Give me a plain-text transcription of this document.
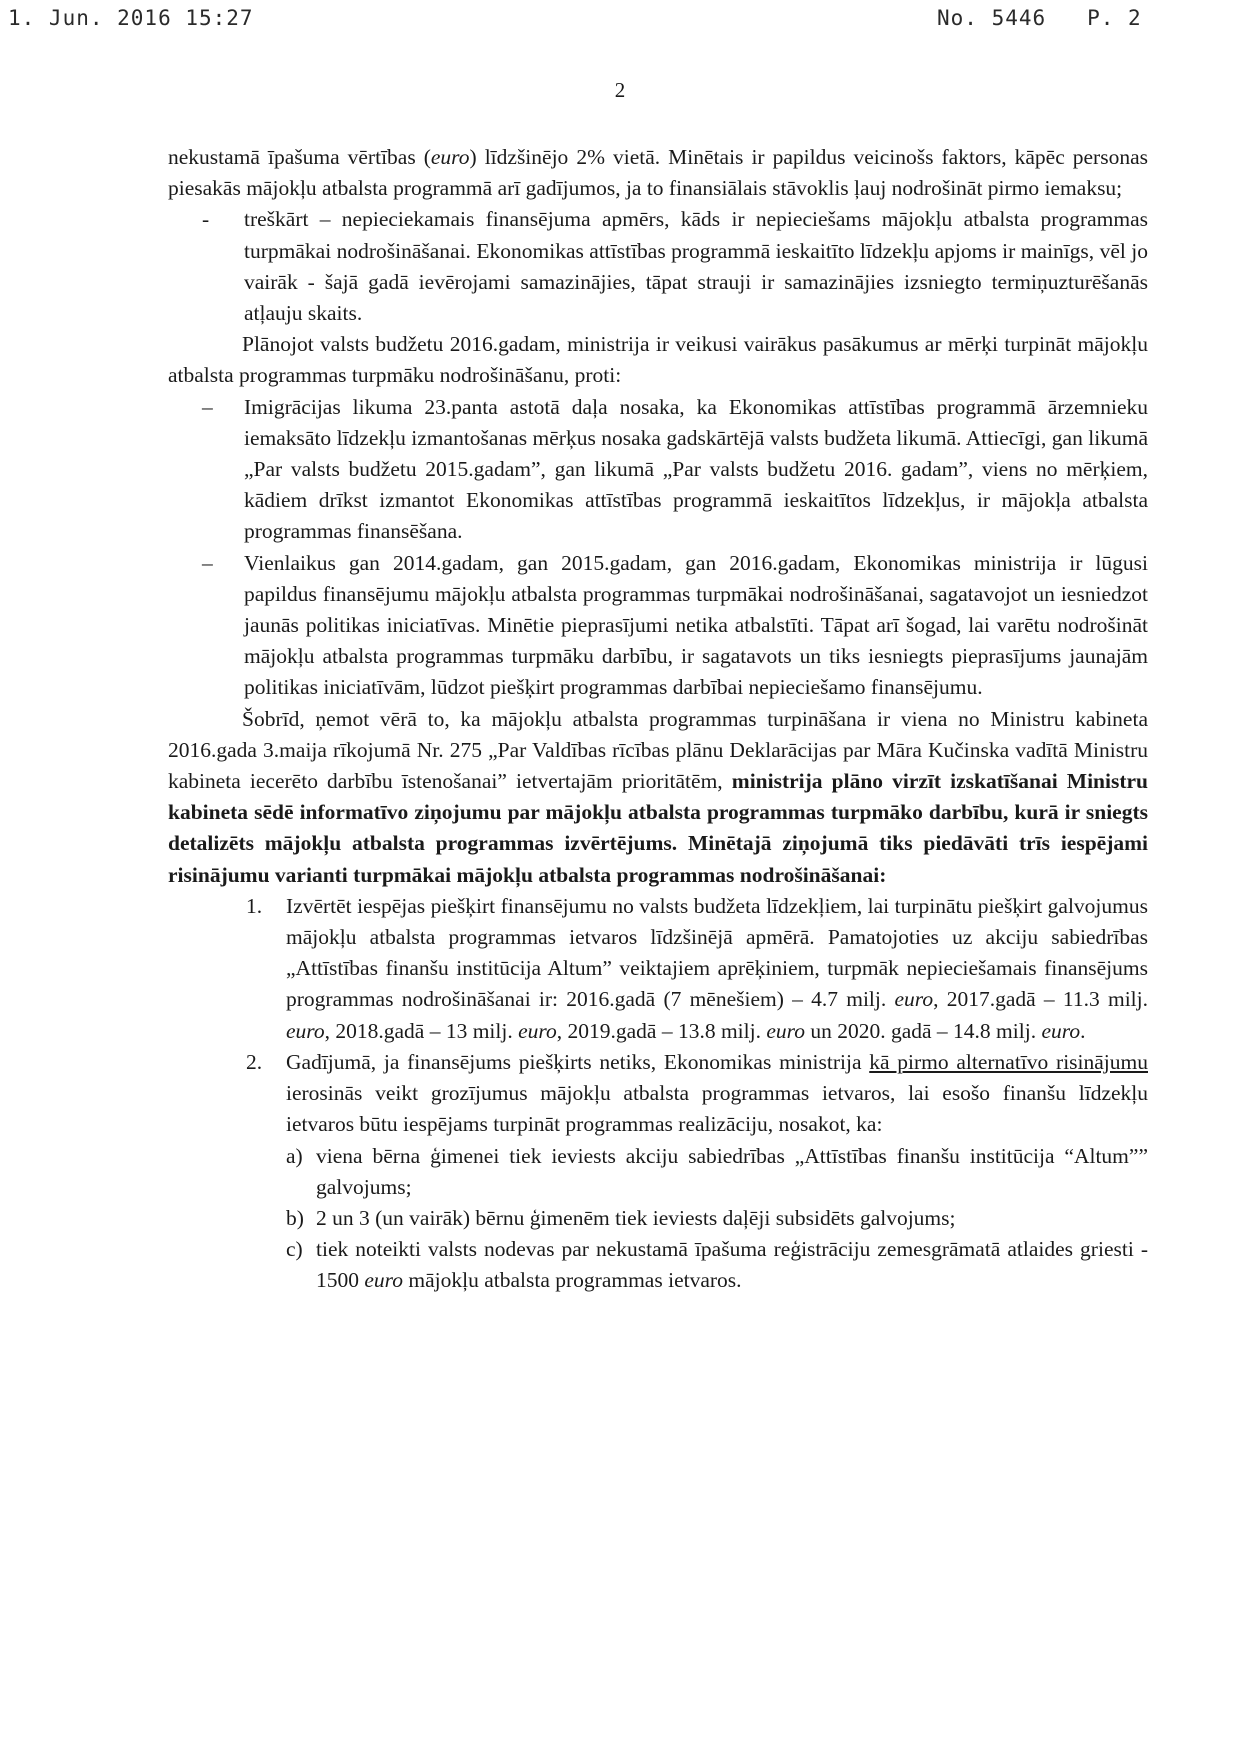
1. Jun. 2016 15:27	No. 5446 P. 2
2

nekustamā īpašuma vērtības (euro) līdzšinējo 2% vietā. Minētais ir papildus veicinošs faktors, kāpēc personas piesakās mājokļu atbalsta programmā arī gadījumos, ja to finansiālais stāvoklis ļauj nodrošināt pirmo iemaksu;

- treškārt – nepieciekamais finansējuma apmērs, kāds ir nepieciešams mājokļu atbalsta programmas turpmākai nodrošināšanai. Ekonomikas attīstības programmā ieskaitīto līdzekļu apjoms ir mainīgs, vēl jo vairāk - šajā gadā ievērojami samazinājies, tāpat strauji ir samazinājies izsniegto termiņuzturēšanās atļauju skaits.

Plānojot valsts budžetu 2016.gadam, ministrija ir veikusi vairākus pasākumus ar mērķi turpināt mājokļu atbalsta programmas turpmāku nodrošināšanu, proti:

– Imigrācijas likuma 23.panta astotā daļa nosaka, ka Ekonomikas attīstības programmā ārzemnieku iemaksāto līdzekļu izmantošanas mērķus nosaka gadskārtējā valsts budžeta likumā. Attiecīgi, gan likumā „Par valsts budžetu 2015.gadam”, gan likumā „Par valsts budžetu 2016. gadam”, viens no mērķiem, kādiem drīkst izmantot Ekonomikas attīstības programmā ieskaitītos līdzekļus, ir mājokļa atbalsta programmas finansēšana.

– Vienlaikus gan 2014.gadam, gan 2015.gadam, gan 2016.gadam, Ekonomikas ministrija ir lūgusi papildus finansējumu mājokļu atbalsta programmas turpmākai nodrošināšanai, sagatavojot un iesniedzot jaunās politikas iniciatīvas. Minētie pieprasījumi netika atbalstīti. Tāpat arī šogad, lai varētu nodrošināt mājokļu atbalsta programmas turpmāku darbību, ir sagatavots un tiks iesniegts pieprasījums jaunajām politikas iniciatīvām, lūdzot piešķirt programmas darbībai nepieciešamo finansējumu.

Šobrīd, ņemot vērā to, ka mājokļu atbalsta programmas turpināšana ir viena no Ministru kabineta 2016.gada 3.maija rīkojumā Nr. 275 „Par Valdības rīcības plānu Deklarācijas par Māra Kučinska vadītā Ministru kabineta iecerēto darbību īstenošanai” ietvertajām prioritātēm, ministrija plāno virzīt izskatīšanai Ministru kabineta sēdē informatīvo ziņojumu par mājokļu atbalsta programmas turpmāko darbību, kurā ir sniegts detalizēts mājokļu atbalsta programmas izvērtējums. Minētajā ziņojumā tiks piedāvāti trīs iespējami risinājumu varianti turpmākai mājokļu atbalsta programmas nodrošināšanai:

1. Izvērtēt iespējas piešķirt finansējumu no valsts budžeta līdzekļiem, lai turpinātu piešķirt galvojumus mājokļu atbalsta programmas ietvaros līdzšinējā apmērā. Pamatojoties uz akciju sabiedrības „Attīstības finanšu institūcija Altum” veiktajiem aprēķiniem, turpmāk nepieciešamais finansējums programmas nodrošināšanai ir: 2016.gadā (7 mēnešiem) – 4.7 milj. euro, 2017.gadā – 11.3 milj. euro, 2018.gadā – 13 milj. euro, 2019.gadā – 13.8 milj. euro un 2020. gadā – 14.8 milj. euro.

2. Gadījumā, ja finansējums piešķirts netiks, Ekonomikas ministrija kā pirmo alternatīvo risinājumu ierosinās veikt grozījumus mājokļu atbalsta programmas ietvaros, lai esošo finanšu līdzekļu ietvaros būtu iespējams turpināt programmas realizāciju, nosakot, ka:

a) viena bērna ģimenei tiek ieviests akciju sabiedrības „Attīstības finanšu institūcija “Altum”” galvojums;

b) 2 un 3 (un vairāk) bērnu ģimenēm tiek ieviests daļēji subsidēts galvojums;

c) tiek noteikti valsts nodevas par nekustamā īpašuma reģistrāciju zemesgrāmatā atlaides griesti - 1500 euro mājokļu atbalsta programmas ietvaros.
